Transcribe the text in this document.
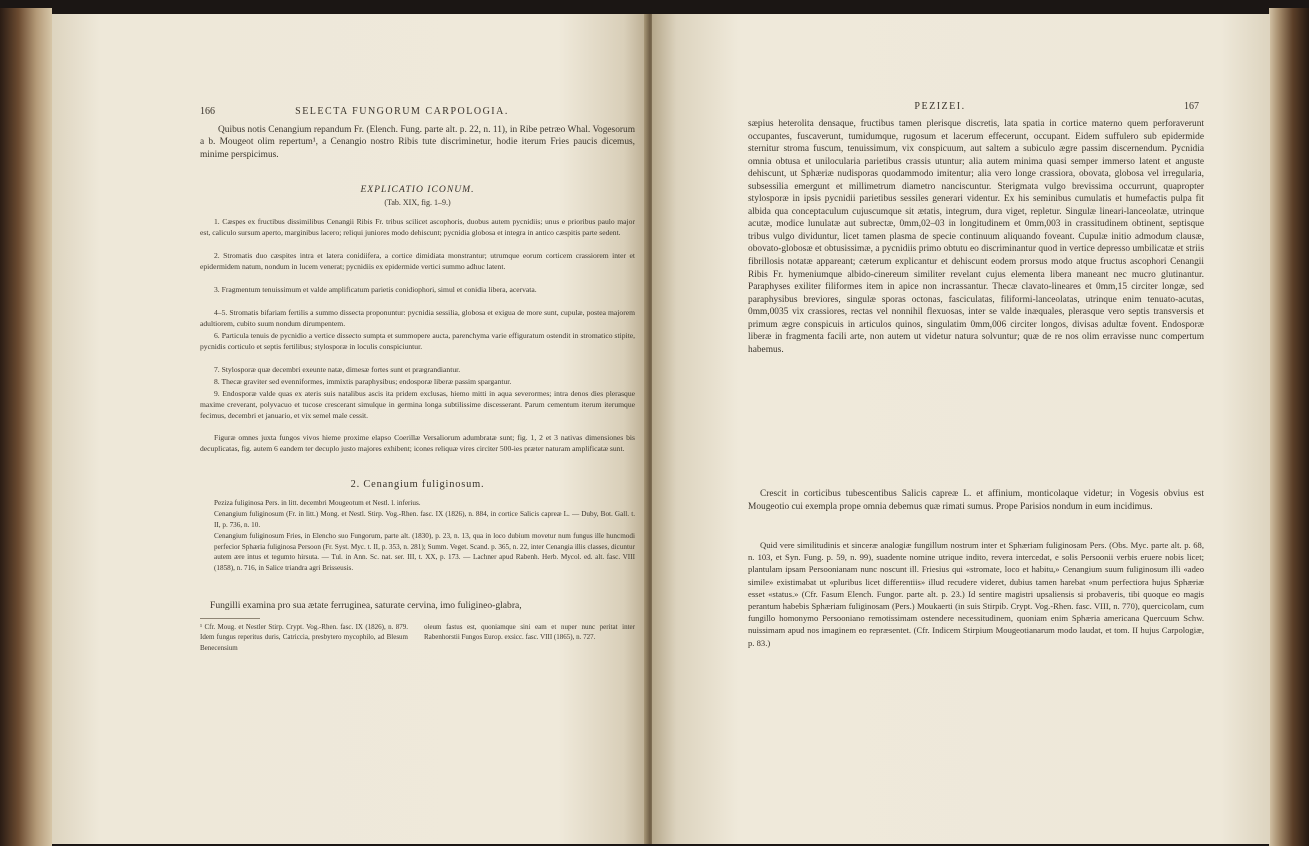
166	SELECTA FUNGORUM CARPOLOGIA.
Quibus notis Cenangium repandum Fr. (Elench. Fung. parte alt. p. 22, n. 11), in Ribe petræo Whal. Vogesorum a b. Mougeot olim repertum¹, a Cenangio nostro Ribis tute discriminetur, hodie iterum Fries paucis dicemus, minime perspicimus.
EXPLICATIO ICONUM.
(Tab. XIX, fig. 1–9.)
1. Cæspes ex fructibus dissimilibus Cenangii Ribis Fr. tribus scilicet ascophoris, duobus autem pycnidiis; unus e prioribus paulo major est, caliculo sursum aperto, marginibus lacero; reliqui juniores modo dehiscunt; pycnidia globosa et integra in antico cæspitis parte sedent.
2. Stromatis duo cæspites intra et latera conidiifera, a cortice dimidiata monstrantur; utrumque eorum corticem crassiorem inter et epidermidem natum, nondum in lucem venerat; pycnidiis ex epidermide vertici summo adhuc latent.
3. Fragmentum tenuissimum et valde amplificatum parietis conidiophori, simul et conidia libera, acervata.
4–5. Stromatis bifariam fertilis a summo dissecta proponuntur: pycnidia sessilia, globosa et exigua de more sunt, cupulæ, postea majorem adultiorem, cubito suum nondum dirumpentem.
6. Particula tenuis de pycnidio a vertice dissecto sumpta et summopere aucta, parenchyma varie effiguratum ostendit in stromatico stipite, pycnidis corticulo et septis fertilibus; stylosporæ in loculis conspiciuntur.
7. Stylosporæ quæ decembri exeunte natæ, dimesæ fortes sunt et prægrandiantur.
8. Thecæ graviter sed evenniformes, immixtis paraphysibus; endosporæ liberæ passim spargantur.
9. Endosporæ valde quas ex ateris suis natalibus ascis ita pridem exclusas, hiemo mitti in aqua severormes; intra denos dies plerasque maxime creverant, polyvacuo et tucose crescerant simulque in germina longa subtilissime discesserant. Parum cementum iterum iterumque fecimus, decembri et januario, et vix semel male cessit.
Figuræ omnes juxta fungos vivos hieme proxime elapso Coerillæ Versaliorum adumbratæ sunt; fig. 1, 2 et 3 nativas dimensiones bis decuplicatas, fig. autem 6 eandem ter decuplo justo majores exhibent; icones reliquæ vires circiter 500-ies præter naturam amplificatæ sunt.
2. Cenangium fuliginosum.
Peziza fuliginosa Pers. in litt. decembri Mougeotum et Nestl. l. inferius.
Cenangium fuliginosum (Fr. in litt.) Mong. et Nestl. Stirp. Vog.-Rhen. fasc. IX (1826), n. 884, in cortice Salicis capreæ L. — Duby, Bot. Gall. t. II, p. 736, n. 10.
Cenangium fuliginosum Fries, in Elencho suo Fungorum, parte alt. (1830), p. 23, n. 13, qua in loco dubium movetur num fungus ille huncmodi perfecior Sphæria fuliginosa Persoon (Fr. Syst. Myc. t. II, p. 353, n. 281); Summ. Veget. Scand. p. 365, n. 22, inter Cenangia illis classes, dicuntur autem ære intus et tegumto hirsuta. — Tul. in Ann. Sc. nat. ser. III, t. XX, p. 173. — Lachner apud Rabenh. Herb. Mycol. ed. alt. fasc. VIII (1858), n. 716, in Salice triandra agri Brisseusis.
Fungilli examina pro sua ætate ferruginea, saturate cervina, imo fuligineo-glabra,
¹ Cfr. Moug. et Nestler Stirp. Crypt. Vog.-Rhen. fasc. IX (1826), n. 879. Idem fungus reperitus duris, Catriccia, presbytero mycophilo, ad Blesum Benecensium
oleum fastus est, quoniamque sini eam et nuper nunc peritat inter Rabenhorstii Fungos Europ. exsicc. fasc. VIII (1865), n. 727.
PEZIZEI.	167
sæpius heterolita densaque, fructibus tamen plerisque discretis, lata spatia in cortice materno quem perforaverunt occupantes, fuscaverunt, tumidumque, rugosum et lacerum effecerunt, occupant. Eidem suffulero sub epidermide sternitur stroma fuscum, tenuissimum, vix conspicuum, aut saltem a subiculo ægre passim discernendum. Pycnidia omnia obtusa et unilocularia parietibus crassis utuntur; alia autem minima quasi semper immerso latent et anguste dehiscunt, ut Sphæriæ nudisporas quodammodo imitentur; alia vero longe crassiora, obovata, globosa vel irregularia, subsessilia emergunt et millimetrum diametro nanciscuntur. Sterigmata vulgo brevissima occurrunt, quapropter stylosporæ in ipsis pycnidii parietibus sessiles generari videntur. Ex his seminibus cumulatis et humefactis pulpa fit albida qua conceptaculum cujuscumque sit ætatis, integrum, dura viget, repletur. Singulæ lineari-lanceolatæ, utrinque acutæ, modice lunulatæ aut subrectæ, 0mm,02–03 in longitudinem et 0mm,003 in crassitudinem obtinent, septisque tribus vulgo dividuntur, licet tamen plasma de specie continuum aliquando foveant. Cupulæ initio admodum clausæ, obovato-globosæ et obtusissimæ, a pycnidiis primo obtutu eo discriminantur quod in vertice depresso umbilicatæ et striis fibrillosis notatæ appareant; cæterum explicantur et dehiscunt eodem prorsus modo atque fructus ascophori Cenangii Ribis Fr. hymeniumque albido-cinereum similiter revelant cujus elementa libera maneant nec mucro glutinantur. Paraphyses exiliter filiformes item in apice non incrassantur. Thecæ clavato-lineares et 0mm,15 circiter longæ, sed paraphysibus breviores, singulæ sporas octonas, fasciculatas, filiformi-lanceolatas, utrinque enim tenuato-acutas, 0mm,0035 vix crassiores, rectas vel nonnihil flexuosas, inter se valde inæquales, plerasque vero septis transversis et primum ægre conspicuis in articulos quinos, singulatim 0mm,006 circiter longos, divisas adultæ fovent. Endosporæ liberæ in fragmenta facili arte, non autem ut videtur natura solvuntur; quæ de re nos olim erravisse nunc compertum habemus.
Crescit in corticibus tubescentibus Salicis capreæ L. et affinium, monticolaque videtur; in Vogesis obvius est Mougeotio cui exempla prope omnia debemus quæ rimati sumus. Prope Parisios nondum in eum incidimus.
Quid vere similitudinis et sinceræ analogiæ fungillum nostrum inter et Sphæriam fuliginosam Pers. (Obs. Myc. parte alt. p. 68, n. 103, et Syn. Fung. p. 59, n. 99), suadente nomine utrique indito, revera intercedat, e solis Persoonii verbis eruere nobis licet; plantulam ipsam Persoonianam nunc noscunt ill. Friesius qui «stromate, loco et habitu,» Cenangium suum fuliginosum illi «adeo simile» existimabat ut «pluribus licet differentiis» illud recudere videret, dubius tamen harebat «num perfectiora hujus Sphæriæ esset «status.» (Cfr. Fasum Elench. Fungor. parte alt. p. 23.) Id sentire magistri upsaliensis si probaveris, tibi quoque eo magis perantum habebis Sphæriam fuliginosam (Pers.) Moukaerti (in suis Stirpib. Crypt. Vog.-Rhen. fasc. VIII, n. 770), quercicolam, cum fungillo homonymo Persooniano remotissimam ostendere necessitudinem, quoniam enim Sphæria americana Quercuum Schw. nuissimam apud nos imaginem eo repræsentet. (Cfr. Indicem Stirpium Mougeotianarum modo laudat, et tom. II hujus Carpologiæ, p. 83.)
